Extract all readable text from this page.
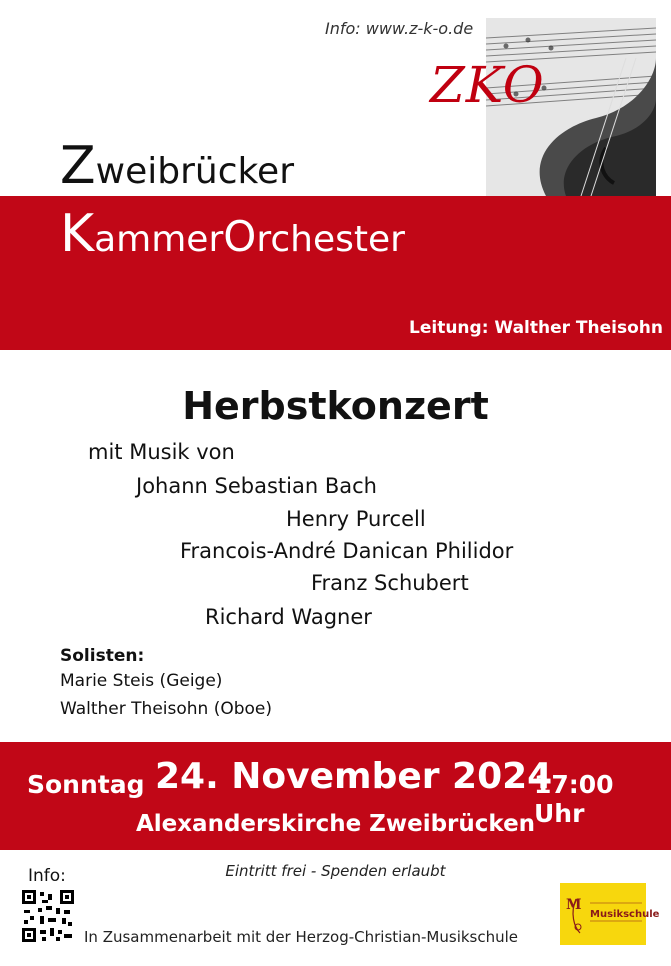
Info: www.z-k-o.de
ZKO
Zweibrücker
KammerOrchester
Leitung: Walther Theisohn
Herbstkonzert
mit Musik von
Johann Sebastian Bach
Henry Purcell
Francois-André Danican Philidor
Franz Schubert
Richard Wagner
Solisten:
Marie Steis (Geige)
Walther Theisohn (Oboe)
Sonntag 24. November 2024
17:00 Uhr
Alexanderskirche Zweibrücken
Eintritt frei - Spenden erlaubt
Info:
In Zusammenarbeit mit der Herzog-Christian-Musikschule
M
Musikschule
